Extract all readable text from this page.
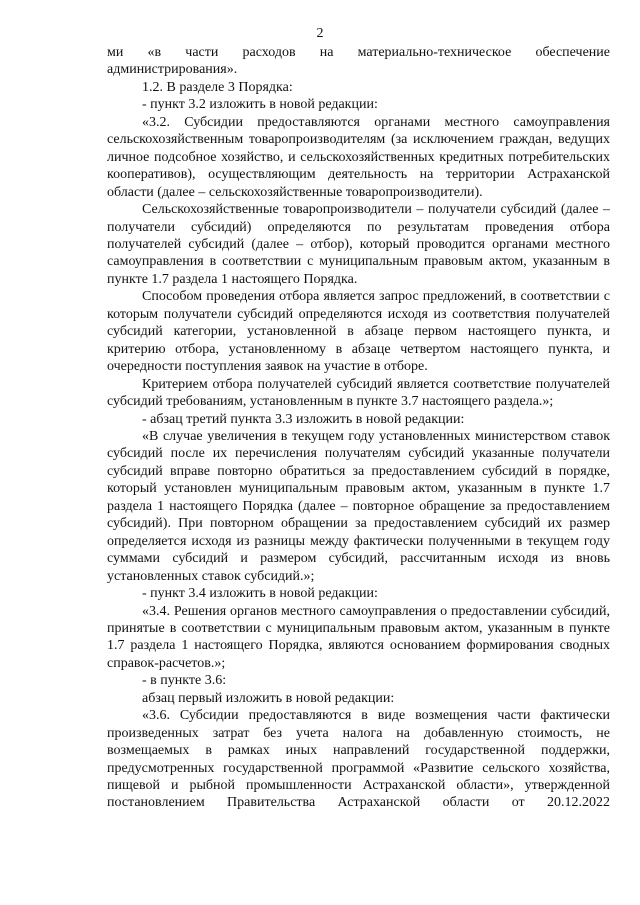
2

ми «в части расходов на материально-техническое обеспечение администрирования».

1.2. В разделе 3 Порядка:

- пункт 3.2 изложить в новой редакции:

«3.2. Субсидии предоставляются органами местного самоуправления сельскохозяйственным товаропроизводителям (за исключением граждан, ведущих личное подсобное хозяйство, и сельскохозяйственных кредитных потребительских кооперативов), осуществляющим деятельность на территории Астраханской области (далее – сельскохозяйственные товаропроизводители).

Сельскохозяйственные товаропроизводители – получатели субсидий (далее – получатели субсидий) определяются по результатам проведения отбора получателей субсидий (далее – отбор), который проводится органами местного самоуправления в соответствии с муниципальным правовым актом, указанным в пункте 1.7 раздела 1 настоящего Порядка.

Способом проведения отбора является запрос предложений, в соответствии с которым получатели субсидий определяются исходя из соответствия получателей субсидий категории, установленной в абзаце первом настоящего пункта, и критерию отбора, установленному в абзаце четвертом настоящего пункта, и очередности поступления заявок на участие в отборе.

Критерием отбора получателей субсидий является соответствие получателей субсидий требованиям, установленным в пункте 3.7 настоящего раздела.»;

- абзац третий пункта 3.3 изложить в новой редакции:

«В случае увеличения в текущем году установленных министерством ставок субсидий после их перечисления получателям субсидий указанные получатели субсидий вправе повторно обратиться за предоставлением субсидий в порядке, который установлен муниципальным правовым актом, указанным в пункте 1.7 раздела 1 настоящего Порядка (далее – повторное обращение за предоставлением субсидий). При повторном обращении за предоставлением субсидий их размер определяется исходя из разницы между фактически полученными в текущем году суммами субсидий и размером субсидий, рассчитанным исходя из вновь установленных ставок субсидий.»;

- пункт 3.4 изложить в новой редакции:

«3.4. Решения органов местного самоуправления о предоставлении субсидий, принятые в соответствии с муниципальным правовым актом, указанным в пункте 1.7 раздела 1 настоящего Порядка, являются основанием формирования сводных справок-расчетов.»;

- в пункте 3.6:

абзац первый изложить в новой редакции:

«3.6. Субсидии предоставляются в виде возмещения части фактически произведенных затрат без учета налога на добавленную стоимость, не возмещаемых в рамках иных направлений государственной поддержки, предусмотренных государственной программой «Развитие сельского хозяйства, пищевой и рыбной промышленности Астраханской области», утвержденной постановлением Правительства Астраханской области от 20.12.2022
